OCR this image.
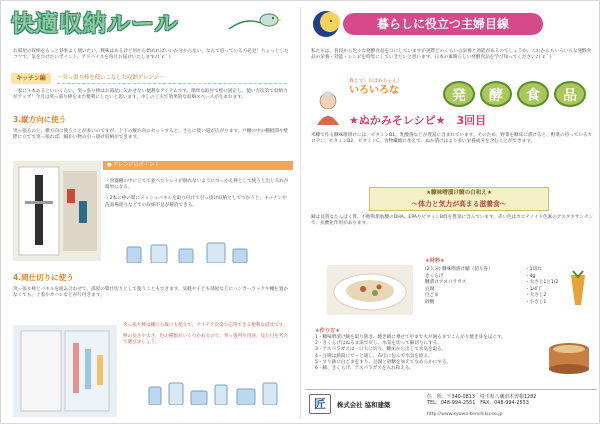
快適収納ルール
お部屋の収納をもっと効率よく使いたい。興味はあるけど何から始めればいいか分からない。なんて思っている方必見！ちょっとしたコツで、気をつけたいポイント、アドバイスを毎月お届けいたします♪(´ε｀)
キッチン編	〜突っ張り棒を使いこなした収納アレンジ〜
一家に１本あるといいくらい、突っ張り棒はお部屋に欠かせない便利なアイテムです。簡単な取付で壁に固定し、使い方次第で収納力がアップ！今月は突っ張り棒をまた便利にしたいと思います。少しの工夫で効果的な収納スペースが生まれます。
3.縦方向に使う
突っ張るのと、横方向に使うことが多いのですが、上下の縦方向にセットすると、さらに使い道が広がります。戸棚の中の棚板間や壁際に立てて突っ張れば、細かい物の引っ掛け収納ができます。
● アレンジのポイント

・食器棚の中に立てて並べたトレイが倒れないようにつっかえ棒として使うと出し入れが簡単になる。

・2本の棒の間にメッシュパネルを取り付けて引っ掛け収納としてつかうと、キッチンや洗面場周りなどでの収納不足が解消できる。

4.間仕切りに使う
突っ張り棒とパネルを組み合わせて、部屋の間仕切りとして使うこともできます。気軽や子ども部屋などにハンガーラックや棚を置かなくても、上着やカバンなどが片付きます。

突っ張り棒は棚にも縦にも使えて、アイデア次第で応用できる便利な道具です。

棒の長さや太さ、色の種類がいくつかあるので、突っ張所や用途、見た目を考えて選びましょう。

暮らしに役立つ主婦目線
私たちは、普段から色々な発酵食品を口にしていますが実際どのくらいの栄養と効能があるのでしょうか。これからもいろいろな発酵食品の栄養・効能・レシピを特集にしていきたいと思います。日本の素晴らしい発酵食品を学び知ってください♪(´ε｀)
教えて！おばあちゃん！
いろいろな	発	酵	食	品
★ぬかみそレシピ★　3回目
米糠で作る糠味噌漬けには、ビタミンB1、乳酸菌などが豊富に含まれています。そのため、野菜を糠床に漬けると、野菜の持っているカロテン、ビタミンB2、ビタミンC、食物繊維に加えて、ぬか漬けはより多い栄養成分を含むことができます。
★糠味噌漬け鯖の白和え★
〜体力と気力が高まる滋養食〜
鯖は良質なたんぱく質、不飽和脂肪酸のDHA、EPAやビタミンB群を豊富に含んでいます。赤い色はカロテノイド色素のアスタキサンチンで、抗酸化作用があります。
★材料★
(2人分) 糠味噌漬け鯖（切り身）	・1切れ
きくらげ	・4g
糠漬けアスパラガス	・大さじ1と1/2
豆腐	・1/4丁
白ごま	・大さじ2
砂糖	・小さじ1
★作り方★
1・糠味噌漬け鯖を取り除き、焼き網に乗せて中まで火が通るまでこんがり焼き身をほぐす。
2・きくらげはぬるま湯で戻し、水気を切って細切りにする。
3・アスパラガスは一口大に切り、糠床から出して水気を取る。
4・豆腐は熱湯にサッと通し、布巾に包んで水気を絞る。
5・すり鉢に白ごまをすり、豆腐と砂糖を加えてなめらかにする。
6・鯖、きくらげ、アスパラガスを入れ和える。
匠	株式会社 協和建築
住　所：〒340-0813　埼玉県八潮市木曽根1282
TEL：048-994-2551　FAX：048-994-2553
http://www.kyowa-kenchiku.co.jp
